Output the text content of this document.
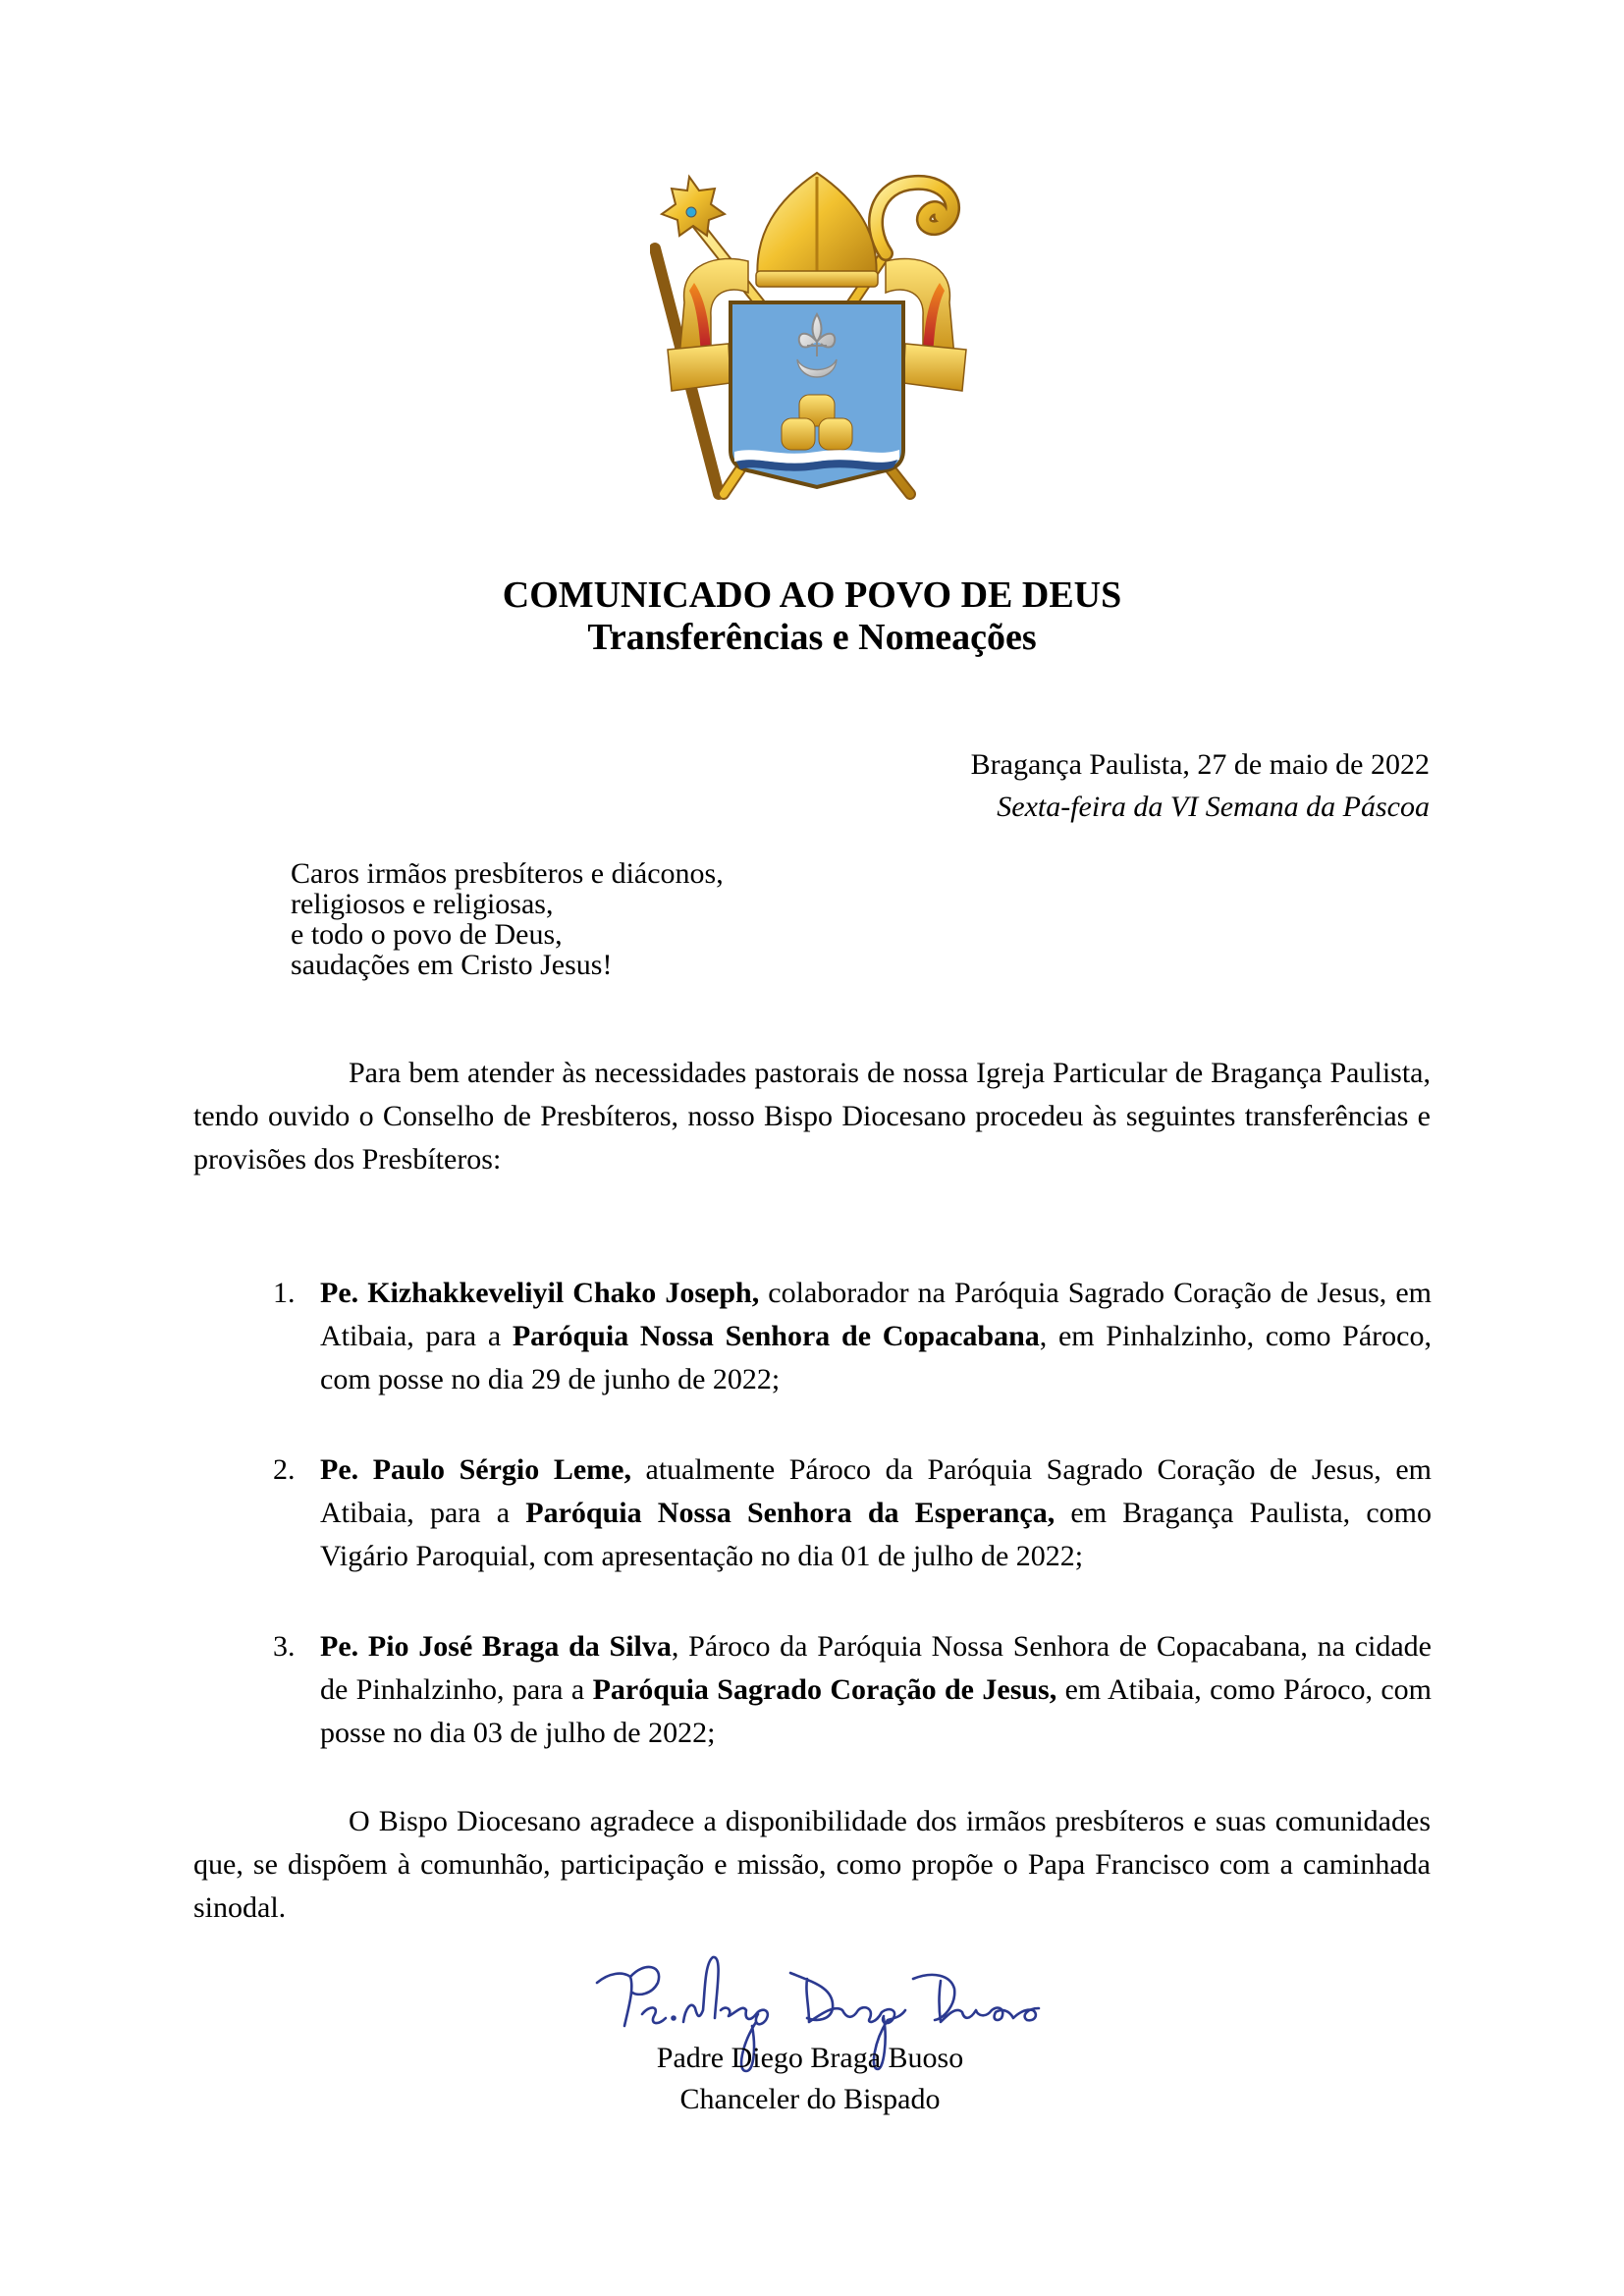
COMUNICADO AO POVO DE DEUS
Transferências e Nomeações
Bragança Paulista, 27 de maio de 2022
Sexta-feira da VI Semana da Páscoa
Caros irmãos presbíteros e diáconos,
religiosos e religiosas,
e todo o povo de Deus,
saudações em Cristo Jesus!

Para bem atender às necessidades pastorais de nossa Igreja Particular de Bragança Paulista, tendo ouvido o Conselho de Presbíteros, nosso Bispo Diocesano procedeu às seguintes transferências e provisões dos Presbíteros:

1. Pe. Kizhakkeveliyil Chako Joseph, colaborador na Paróquia Sagrado Coração de Jesus, em Atibaia, para a Paróquia Nossa Senhora de Copacabana, em Pinhalzinho, como Pároco, com posse no dia 29 de junho de 2022;
2. Pe. Paulo Sérgio Leme, atualmente Pároco da Paróquia Sagrado Coração de Jesus, em Atibaia, para a Paróquia Nossa Senhora da Esperança, em Bragança Paulista, como Vigário Paroquial, com apresentação no dia 01 de julho de 2022;
3. Pe. Pio José Braga da Silva, Pároco da Paróquia Nossa Senhora de Copacabana, na cidade de Pinhalzinho, para a Paróquia Sagrado Coração de Jesus, em Atibaia, como Pároco, com posse no dia 03 de julho de 2022;

O Bispo Diocesano agradece a disponibilidade dos irmãos presbíteros e suas comunidades que, se dispõem à comunhão, participação e missão, como propõe o Papa Francisco com a caminhada sinodal.

Padre Diego Braga Buoso
Chanceler do Bispado
